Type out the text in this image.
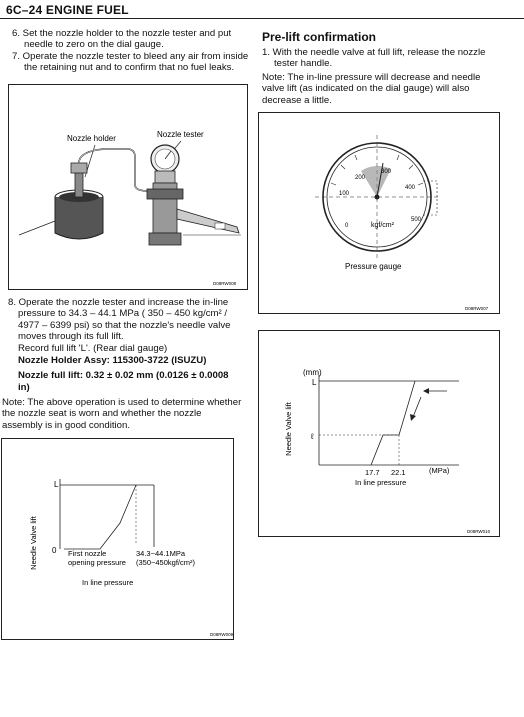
6C–24 ENGINE FUEL
6. Set the nozzle holder to the nozzle tester and put
needle to zero on the dial gauge.
7. Operate the nozzle tester to bleed any air from inside
the retaining nut and to confirm that no fuel leaks.
Nozzle holder	Nozzle tester
D08RW008
8. Operate the nozzle tester and increase the in-line
pressure to 34.3 – 44.1 MPa ( 350 – 450 kg/cm² /
4977 – 6399 psi) so that the nozzle's needle valve
moves through its full lift.
Record full lift 'L'. (Rear dial gauge)
Nozzle Holder Assy: 115300-3722 (ISUZU)
Nozzle full lift: 0.32 ± 0.02 mm (0.0126 ± 0.0008
in)
Note: The above operation is used to determine whether
the nozzle seat is worn and whether the nozzle
assembly is in good condition.
Needle Valve lift
L
0 First nozzle
opening pressure
34.3~44.1MPa
(350~450kgf/cm²)
In line pressure
D08RW009
Pre-lift confirmation
1. With the needle valve at full lift, release the nozzle
tester handle.
Note: The in-line pressure will decrease and needle
valve lift (as indicated on the dial gauge) will also
decrease a little.
200
300
400
100
500
0	kgf/cm²
Pressure gauge
D08RW007
(mm)
L
ℓ
Needle Valve lift
17.7 22.1	(MPa)
In line pressure
D08RW010
